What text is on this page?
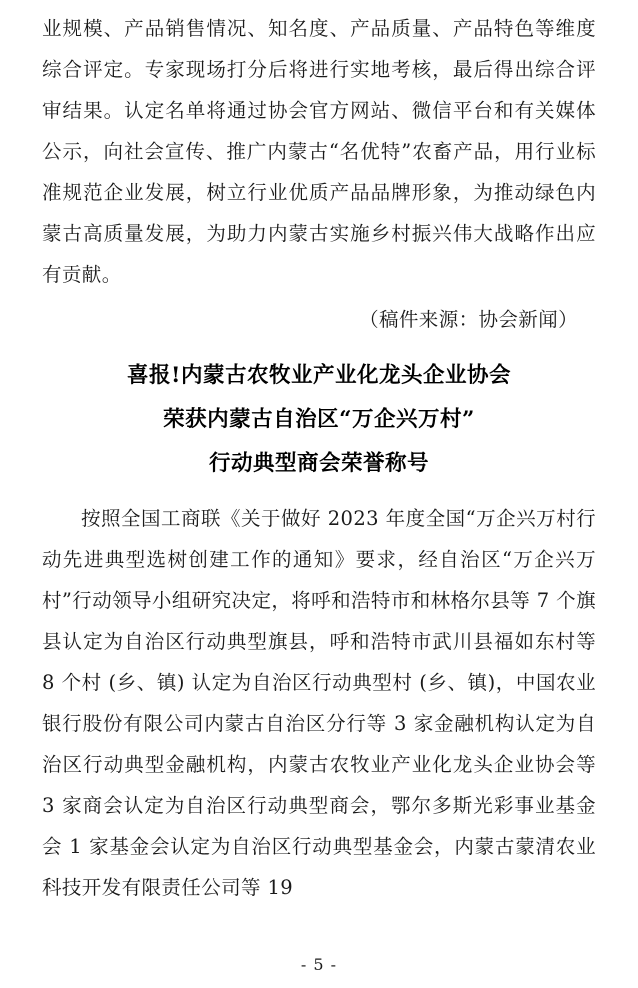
业规模、产品销售情况、知名度、产品质量、产品特色等维度综合评定。专家现场打分后将进行实地考核，最后得出综合评审结果。认定名单将通过协会官方网站、微信平台和有关媒体公示，向社会宣传、推广内蒙古“名优特”农畜产品，用行业标准规范企业发展，树立行业优质产品品牌形象，为推动绿色内蒙古高质量发展，为助力内蒙古实施乡村振兴伟大战略作出应有贡献。

（稿件来源：协会新闻）

喜报!内蒙古农牧业产业化龙头企业协会
荣获内蒙古自治区“万企兴万村”
行动典型商会荣誉称号

按照全国工商联《关于做好 2023 年度全国“万企兴万村行动先进典型选树创建工作的通知》要求，经自治区“万企兴万村”行动领导小组研究决定，将呼和浩特市和林格尔县等 7 个旗县认定为自治区行动典型旗县，呼和浩特市武川县福如东村等 8 个村 (乡、镇) 认定为自治区行动典型村 (乡、镇)，中国农业银行股份有限公司内蒙古自治区分行等 3 家金融机构认定为自治区行动典型金融机构，内蒙古农牧业产业化龙头企业协会等 3 家商会认定为自治区行动典型商会，鄂尔多斯光彩事业基金会 1 家基金会认定为自治区行动典型基金会，内蒙古蒙清农业科技开发有限责任公司等 19

- 5 -
